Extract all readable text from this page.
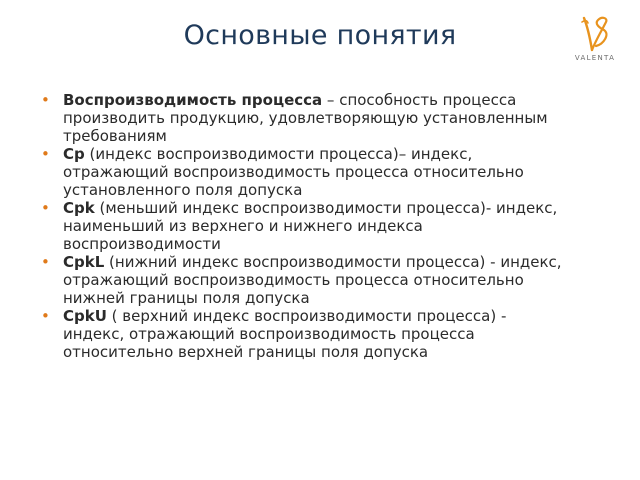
Основные понятия
VALENTA
• Воспроизводимость процесса – способность процесса
производить продукцию, удовлетворяющую установленным
требованиям
• Cp (индекс воспроизводимости процесса)– индекс,
отражающий воспроизводимость процесса относительно
установленного поля допуска
• Cpk (меньший индекс воспроизводимости процесса)- индекс,
наименьший из верхнего и нижнего индекса
воспроизводимости
• CpkL (нижний индекс воспроизводимости процесса) - индекс,
отражающий воспроизводимость процесса относительно
нижней границы поля допуска
• CpkU ( верхний индекс воспроизводимости процесса) -
индекс, отражающий воспроизводимость процесса
относительно верхней границы поля допуска
